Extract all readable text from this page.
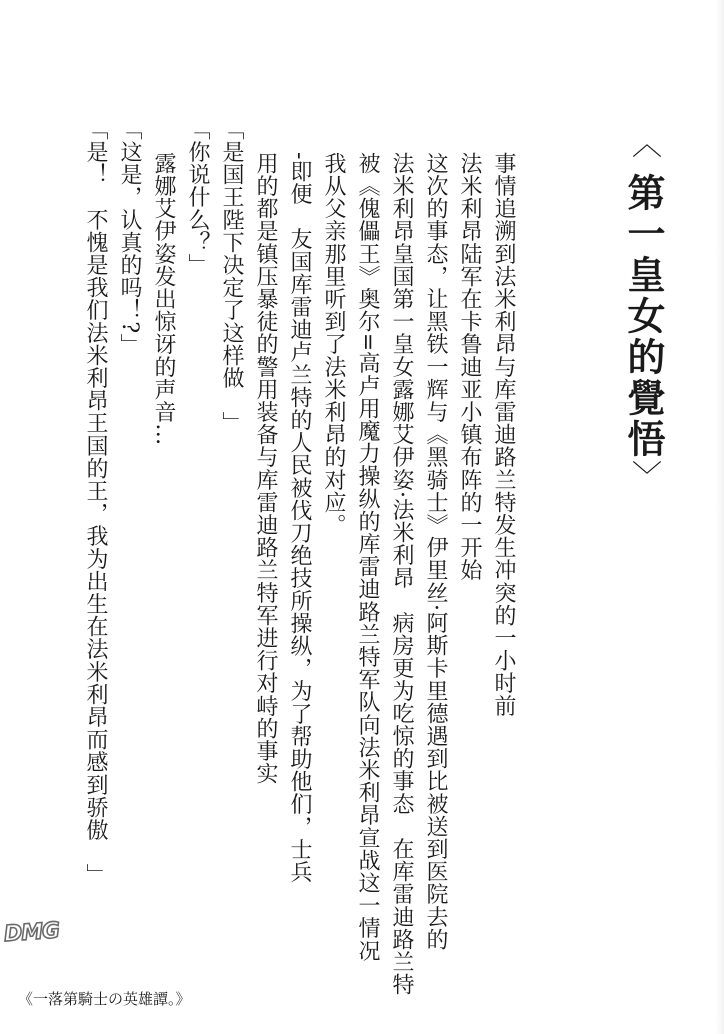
〈
第一皇女的覺悟
〉
事情追溯到法米利昂与库雷迪路兰特发生冲突的一小时前
法米利昂陆军在卡鲁迪亚小镇布阵的一开始
这次的事态，让黑铁一辉与《黑骑士》伊里丝·阿斯卡里德遇到比被送到医院去的
法米利昂皇国第一皇女露娜艾伊姿·法米利昂　病房更为吃惊的事态　在库雷迪路兰特
被《傀儡王》奥尔=高卢用魔力操纵的库雷迪路兰特军队向法米利昂宣战这一情况
我从父亲那里听到了法米利昂的对应。
-即便　友国库雷迪卢兰特的人民被伐刀绝技所操纵，为了帮助他们，士兵
用的都是镇压暴徒的警用装备与库雷迪路兰特军进行对峙的事实
「是国王陛下决定了这样做　」
「你说什么？」
露娜艾伊姿发出惊讶的声音…
「这是，认真的吗！?」
「是！　不愧是我们法米利昂王国的王，我为出生在法米利昂而感到骄傲　」
DMG
《一落第騎士の英雄譚。》
